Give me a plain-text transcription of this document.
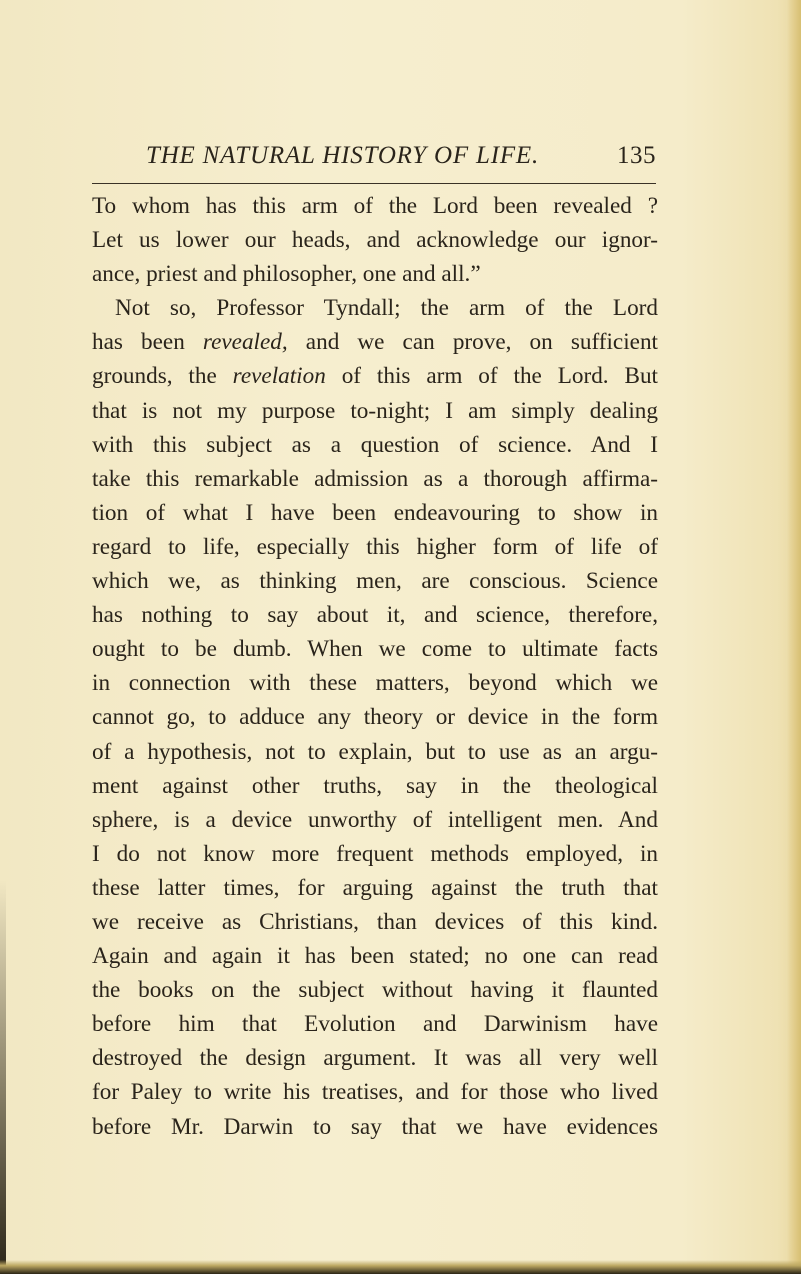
THE NATURAL HISTORY OF LIFE.	135
To whom has this arm of the Lord been revealed ?
Let us lower our heads, and acknowledge our ignor-
ance, priest and philosopher, one and all.”
Not so, Professor Tyndall; the arm of the Lord
has been revealed, and we can prove, on sufficient
grounds, the revelation of this arm of the Lord. But
that is not my purpose to-night; I am simply dealing
with this subject as a question of science. And I
take this remarkable admission as a thorough affirma-
tion of what I have been endeavouring to show in
regard to life, especially this higher form of life of
which we, as thinking men, are conscious. Science
has nothing to say about it, and science, therefore,
ought to be dumb. When we come to ultimate facts
in connection with these matters, beyond which we
cannot go, to adduce any theory or device in the form
of a hypothesis, not to explain, but to use as an argu-
ment against other truths, say in the theological
sphere, is a device unworthy of intelligent men. And
I do not know more frequent methods employed, in
these latter times, for arguing against the truth that
we receive as Christians, than devices of this kind.
Again and again it has been stated; no one can read
the books on the subject without having it flaunted
before him that Evolution and Darwinism have
destroyed the design argument. It was all very well
for Paley to write his treatises, and for those who lived
before Mr. Darwin to say that we have evidences
